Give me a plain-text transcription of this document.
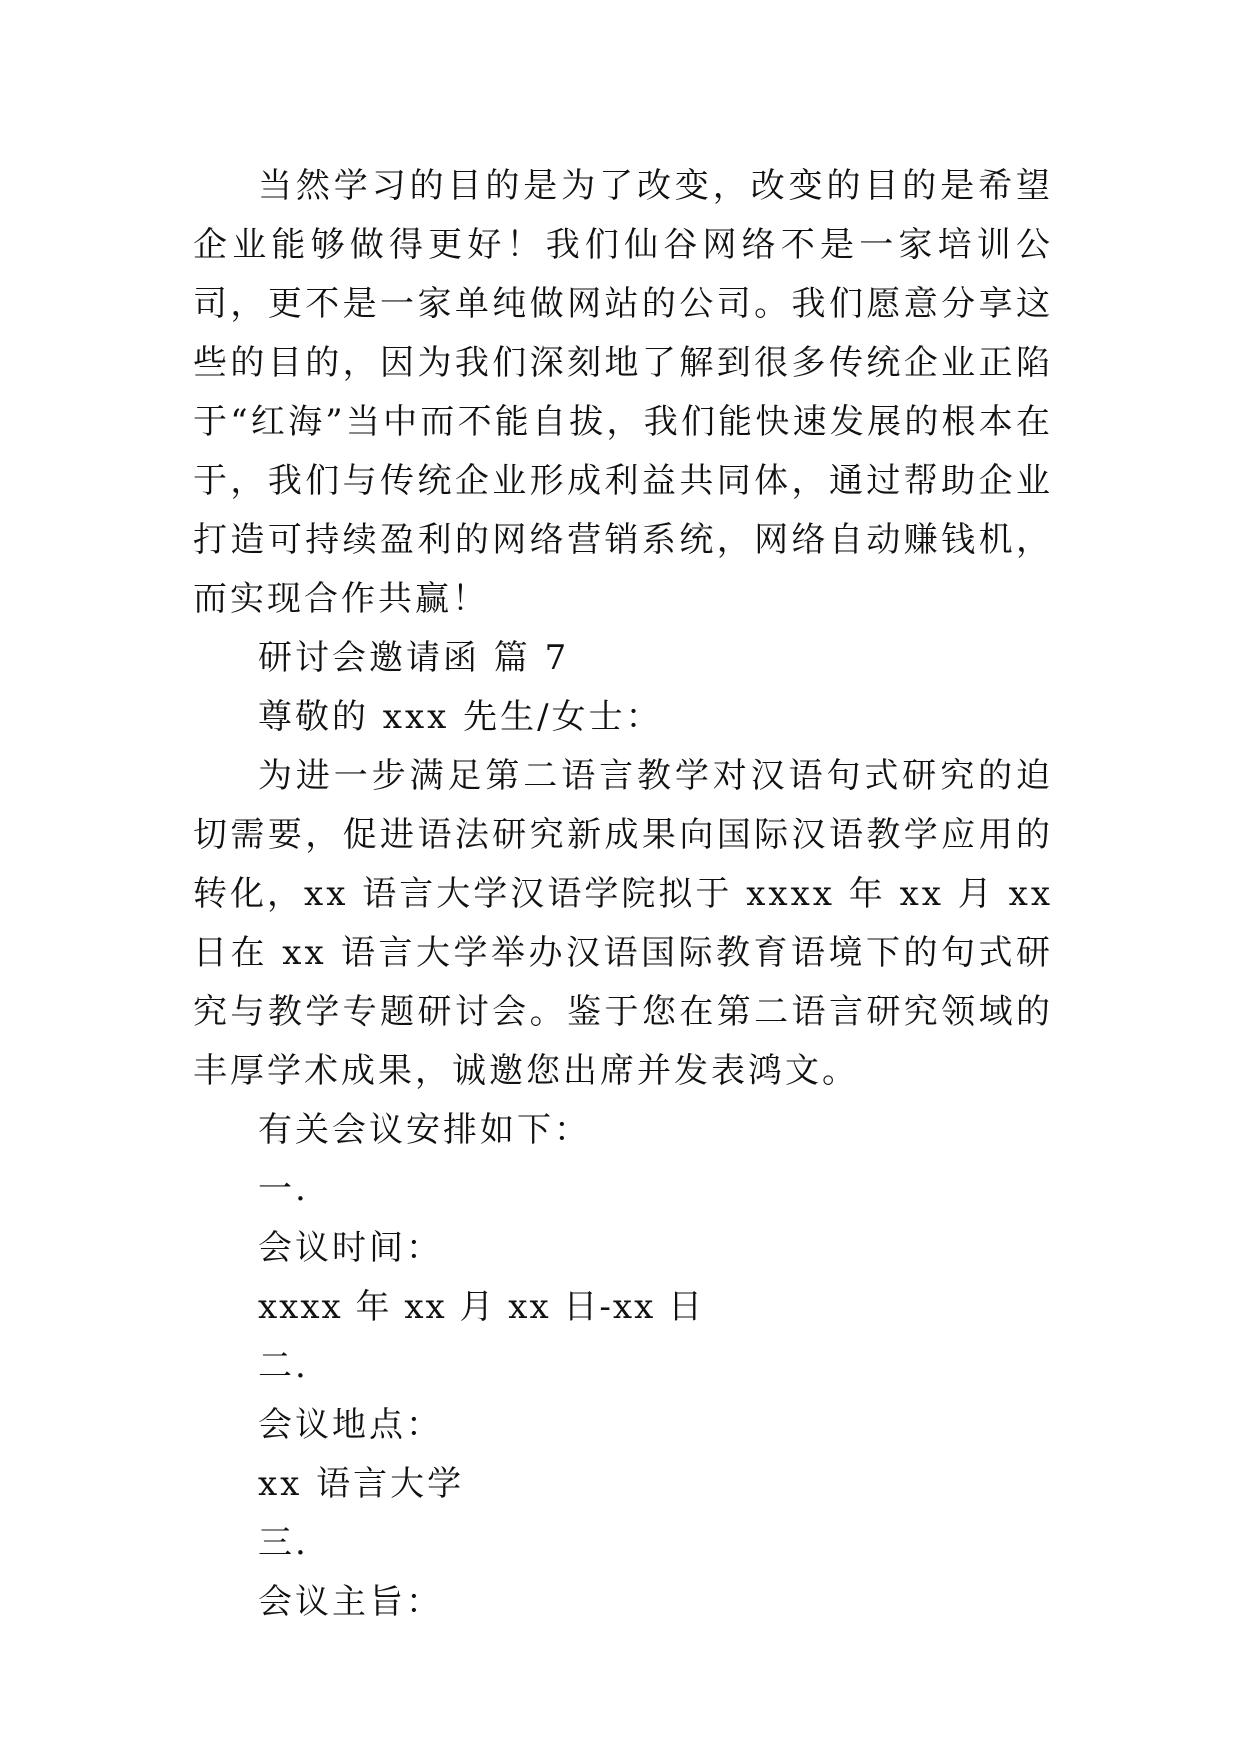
当然学习的目的是为了改变，改变的目的是希望企业能够做得更好！我们仙谷网络不是一家培训公司，更不是一家单纯做网站的公司。我们愿意分享这些的目的，因为我们深刻地了解到很多传统企业正陷于“红海”当中而不能自拔，我们能快速发展的根本在于，我们与传统企业形成利益共同体，通过帮助企业打造可持续盈利的网络营销系统，网络自动赚钱机，而实现合作共赢！

研讨会邀请函 篇 7

尊敬的 xxx 先生/女士：

为进一步满足第二语言教学对汉语句式研究的迫切需要，促进语法研究新成果向国际汉语教学应用的转化，xx 语言大学汉语学院拟于 xxxx 年 xx 月 xx 日在 xx 语言大学举办汉语国际教育语境下的句式研究与教学专题研讨会。鉴于您在第二语言研究领域的丰厚学术成果，诚邀您出席并发表鸿文。

有关会议安排如下：

一.

会议时间：

xxxx 年 xx 月 xx 日-xx 日

二.

会议地点：

xx 语言大学

三.

会议主旨：
